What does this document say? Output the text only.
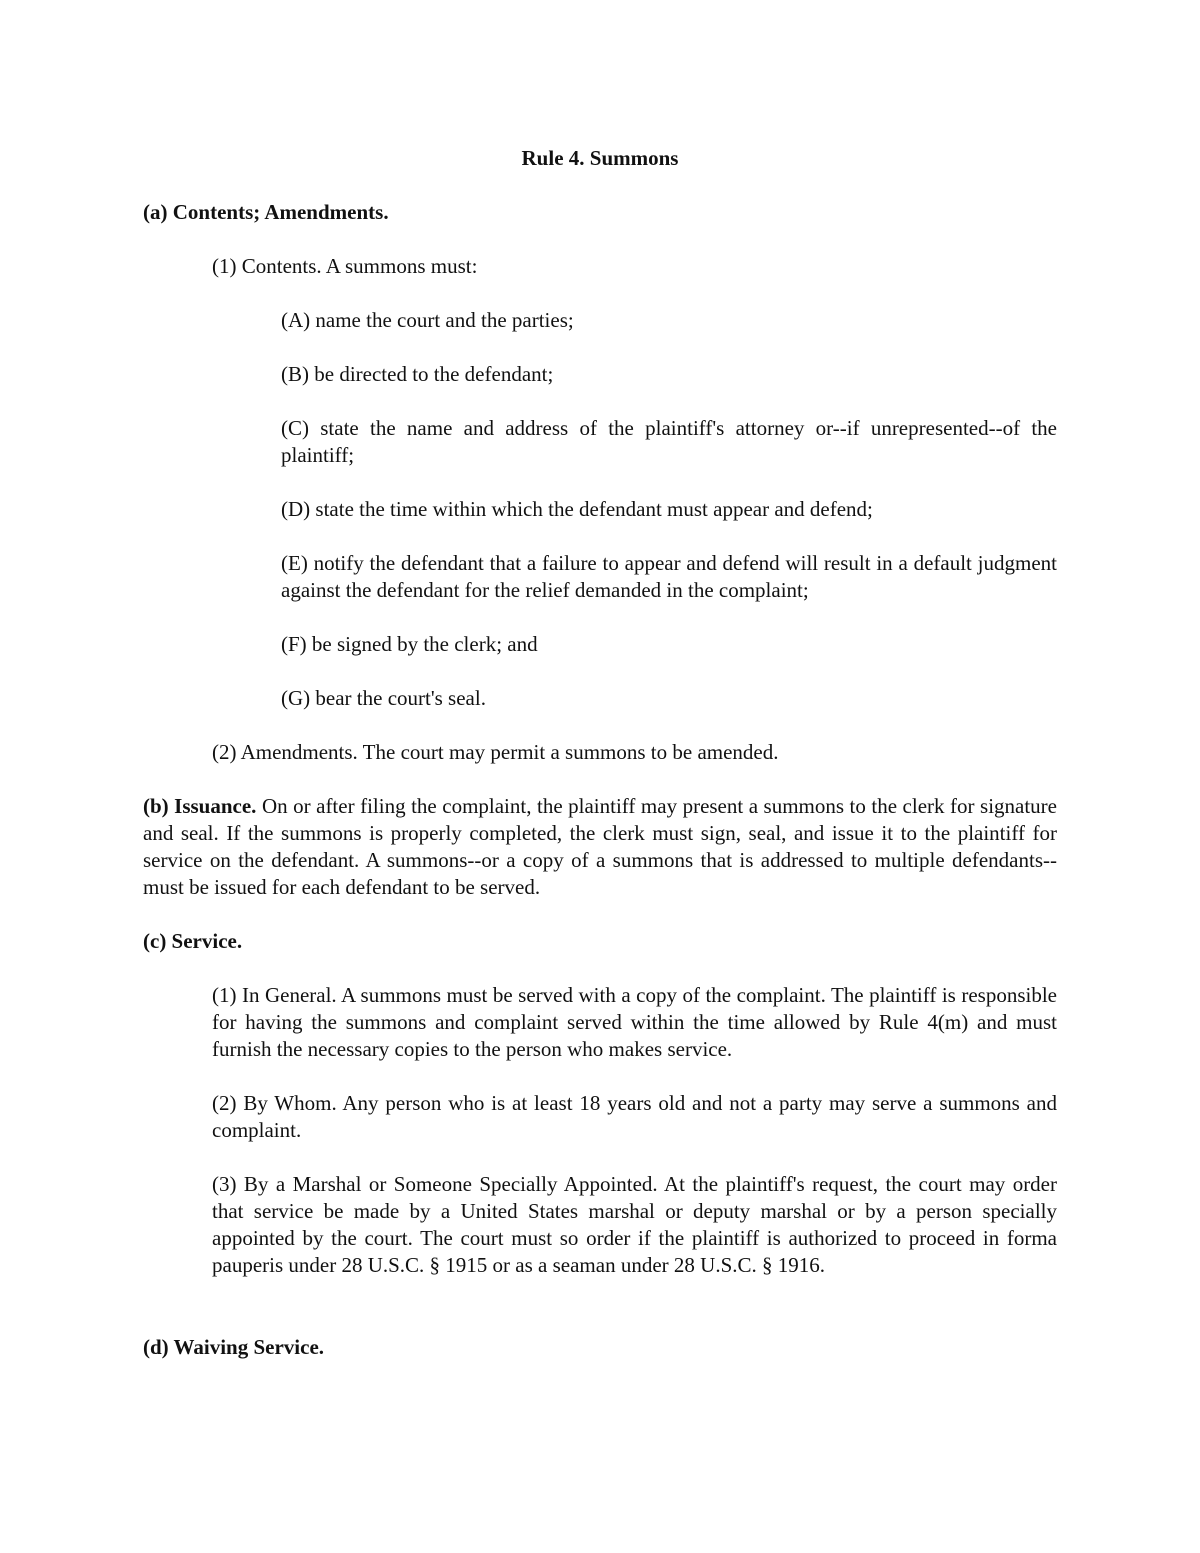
Rule 4. Summons

(a) Contents; Amendments.

(1) Contents. A summons must:

(A) name the court and the parties;

(B) be directed to the defendant;

(C) state the name and address of the plaintiff's attorney or--if unrepresented--of the plaintiff;

(D) state the time within which the defendant must appear and defend;

(E) notify the defendant that a failure to appear and defend will result in a default judgment against the defendant for the relief demanded in the complaint;

(F) be signed by the clerk; and

(G) bear the court's seal.

(2) Amendments. The court may permit a summons to be amended.

(b) Issuance. On or after filing the complaint, the plaintiff may present a summons to the clerk for signature and seal. If the summons is properly completed, the clerk must sign, seal, and issue it to the plaintiff for service on the defendant. A summons--or a copy of a summons that is addressed to multiple defendants--must be issued for each defendant to be served.

(c) Service.

(1) In General. A summons must be served with a copy of the complaint. The plaintiff is responsible for having the summons and complaint served within the time allowed by Rule 4(m) and must furnish the necessary copies to the person who makes service.

(2) By Whom. Any person who is at least 18 years old and not a party may serve a summons and complaint.

(3) By a Marshal or Someone Specially Appointed. At the plaintiff's request, the court may order that service be made by a United States marshal or deputy marshal or by a person specially appointed by the court. The court must so order if the plaintiff is authorized to proceed in forma pauperis under 28 U.S.C. § 1915 or as a seaman under 28 U.S.C. § 1916.

(d) Waiving Service.
